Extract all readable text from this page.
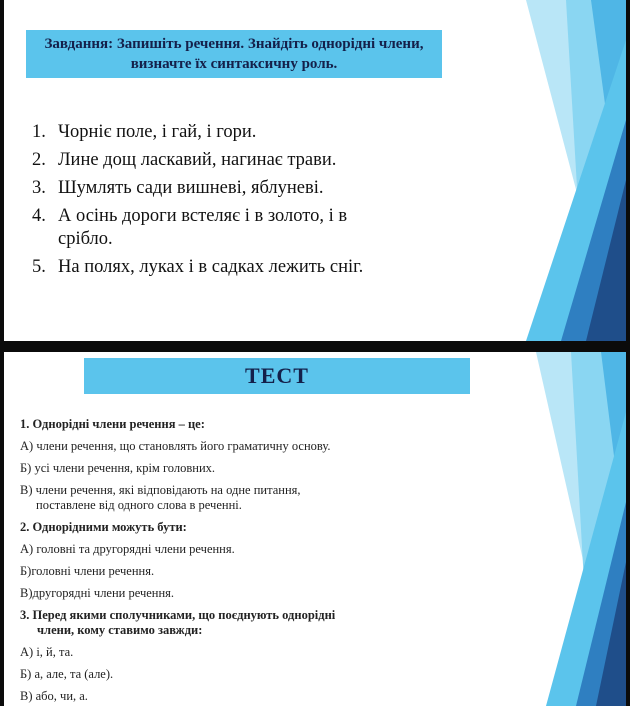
Завдання: Запишіть речення. Знайдіть однорідні члени, визначте їх синтаксичну роль.
1. Чорніє поле, і гай, і гори.
2. Лине дощ ласкавий, нагинає трави.
3. Шумлять сади вишневі, яблуневі.
4. А осінь дороги встеляє і в золото, і в
срібло.
5. На полях, луках і в садках лежить сніг.
ТЕСТ
1. Однорідні члени речення – це:
А) члени речення, що становлять його граматичну основу.
Б) усі члени речення, крім головних.
В) члени речення, які відповідають на одне питання,
поставлене від одного слова в реченні.
2. Однорідними можуть бути:
А) головні та другорядні члени речення.
Б)головні члени речення.
В)другорядні члени речення.
3. Перед якими сполучниками, що поєднують однорідні
члени, кому ставимо завжди:
А) і, й, та.
Б) а, але, та (але).
В) або, чи, а.
